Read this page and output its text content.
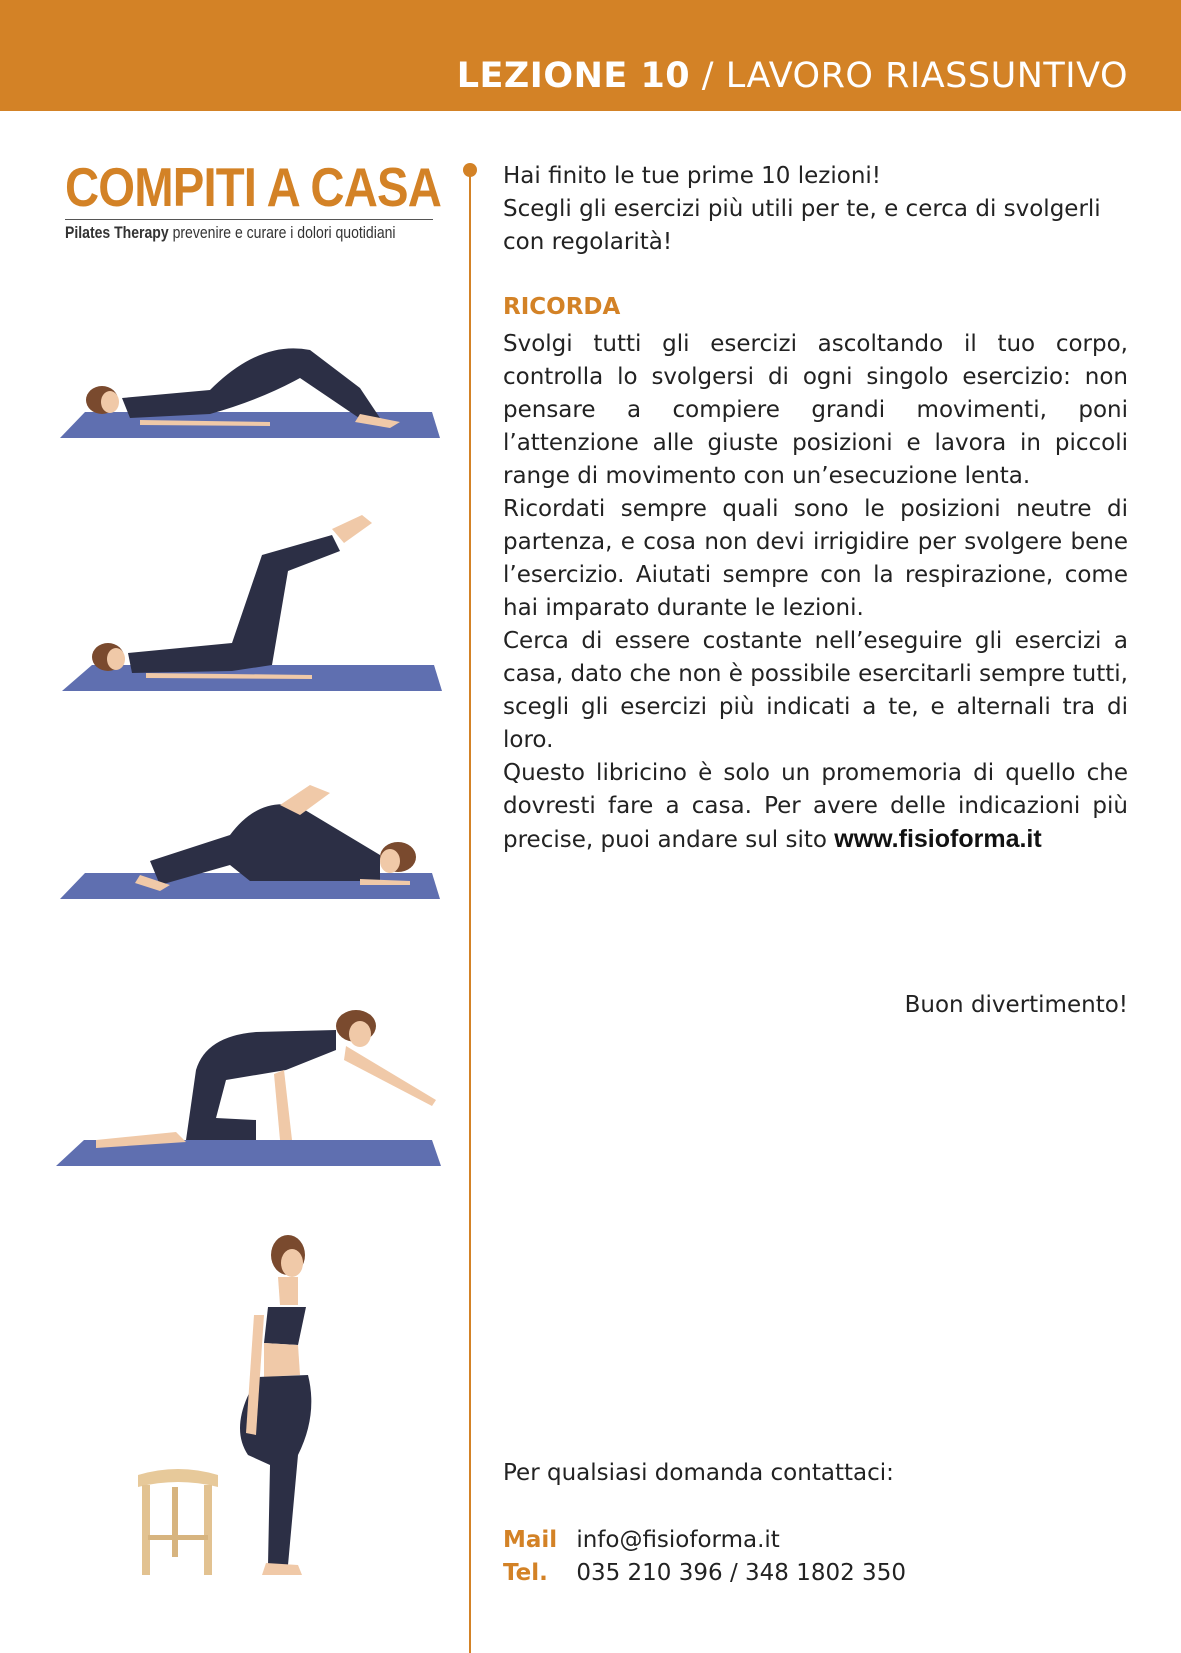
LEZIONE 10 / LAVORO RIASSUNTIVO
COMPITI A CASA
Pilates Therapy prevenire e curare i dolori quotidiani
Hai finito le tue prime 10 lezioni!
Scegli gli esercizi più utili per te, e cerca di svolgerli con regolarità!
RICORDA

Svolgi tutti gli esercizi ascoltando il tuo corpo, controlla lo svolgersi di ogni singolo esercizio: non pensare a compiere grandi movimenti, poni l’attenzione alle giuste posizioni e lavora in piccoli range di movimento con un’esecuzione lenta.

Ricordati sempre quali sono le posizioni neutre di partenza, e cosa non devi irrigidire per svolgere bene l’esercizio. Aiutati sempre con la respirazione, come hai imparato durante le lezioni.

Cerca di essere costante nell’eseguire gli esercizi a casa, dato che non è possibile esercitarli sempre tutti, scegli gli esercizi più indicati a te, e alternali tra di loro.

Questo libricino è solo un promemoria di quello che dovresti fare a casa. Per avere delle indicazioni più precise, puoi andare sul sito www.fisioforma.it

Buon divertimento!
Per qualsiasi domanda contattaci:
Mail info@fisioforma.it
Tel. 035 210 396 / 348 1802 350
